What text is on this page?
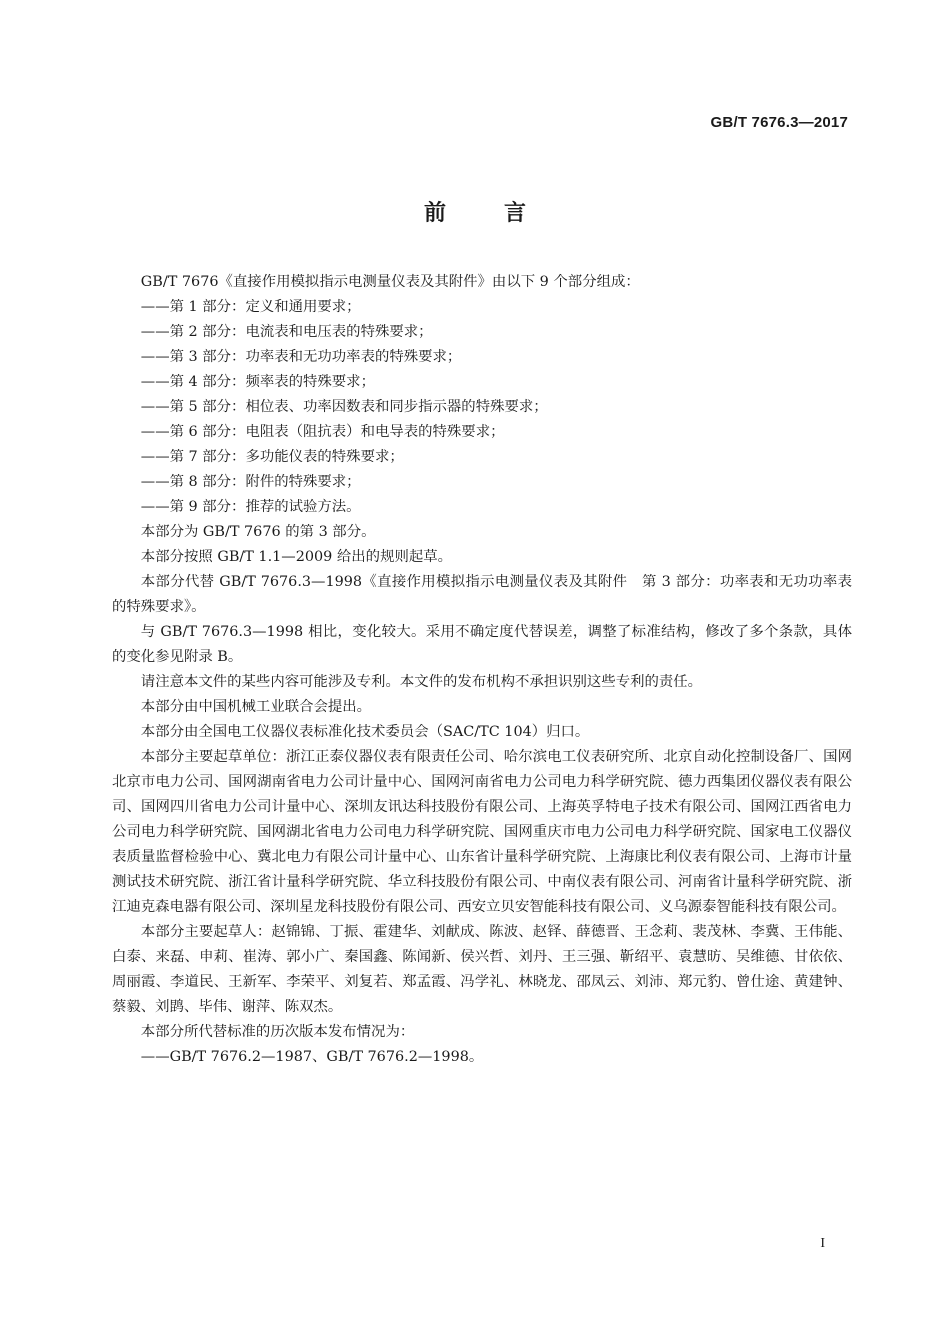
GB/T 7676.3—2017
前言

GB/T 7676《直接作用模拟指示电测量仪表及其附件》由以下 9 个部分组成：

——第 1 部分：定义和通用要求；

——第 2 部分：电流表和电压表的特殊要求；

——第 3 部分：功率表和无功功率表的特殊要求；

——第 4 部分：频率表的特殊要求；

——第 5 部分：相位表、功率因数表和同步指示器的特殊要求；

——第 6 部分：电阻表（阻抗表）和电导表的特殊要求；

——第 7 部分：多功能仪表的特殊要求；

——第 8 部分：附件的特殊要求；

——第 9 部分：推荐的试验方法。

本部分为 GB/T 7676 的第 3 部分。

本部分按照 GB/T 1.1—2009 给出的规则起草。

本部分代替 GB/T 7676.3—1998《直接作用模拟指示电测量仪表及其附件　第 3 部分：功率表和无功功率表的特殊要求》。

与 GB/T 7676.3—1998 相比，变化较大。采用不确定度代替误差，调整了标准结构，修改了多个条款，具体的变化参见附录 B。

请注意本文件的某些内容可能涉及专利。本文件的发布机构不承担识别这些专利的责任。

本部分由中国机械工业联合会提出。

本部分由全国电工仪器仪表标准化技术委员会（SAC/TC 104）归口。

本部分主要起草单位：浙江正泰仪器仪表有限责任公司、哈尔滨电工仪表研究所、北京自动化控制设备厂、国网北京市电力公司、国网湖南省电力公司计量中心、国网河南省电力公司电力科学研究院、德力西集团仪器仪表有限公司、国网四川省电力公司计量中心、深圳友讯达科技股份有限公司、上海英孚特电子技术有限公司、国网江西省电力公司电力科学研究院、国网湖北省电力公司电力科学研究院、国网重庆市电力公司电力科学研究院、国家电工仪器仪表质量监督检验中心、冀北电力有限公司计量中心、山东省计量科学研究院、上海康比利仪表有限公司、上海市计量测试技术研究院、浙江省计量科学研究院、华立科技股份有限公司、中南仪表有限公司、河南省计量科学研究院、浙江迪克森电器有限公司、深圳星龙科技股份有限公司、西安立贝安智能科技有限公司、义乌源泰智能科技有限公司。

本部分主要起草人：赵锦锦、丁振、霍建华、刘献成、陈波、赵铎、薛德晋、王念莉、裴茂林、李冀、王伟能、白泰、来磊、申莉、崔涛、郭小广、秦国鑫、陈闻新、侯兴哲、刘丹、王三强、靳绍平、袁慧昉、吴维德、甘依依、周丽霞、李道民、王新军、李荣平、刘复若、郑孟霞、冯学礼、林晓龙、邵凤云、刘沛、郑元豹、曾仕途、黄建钟、蔡毅、刘鹍、毕伟、谢萍、陈双杰。

本部分所代替标准的历次版本发布情况为：

——GB/T 7676.2—1987、GB/T 7676.2—1998。

I
